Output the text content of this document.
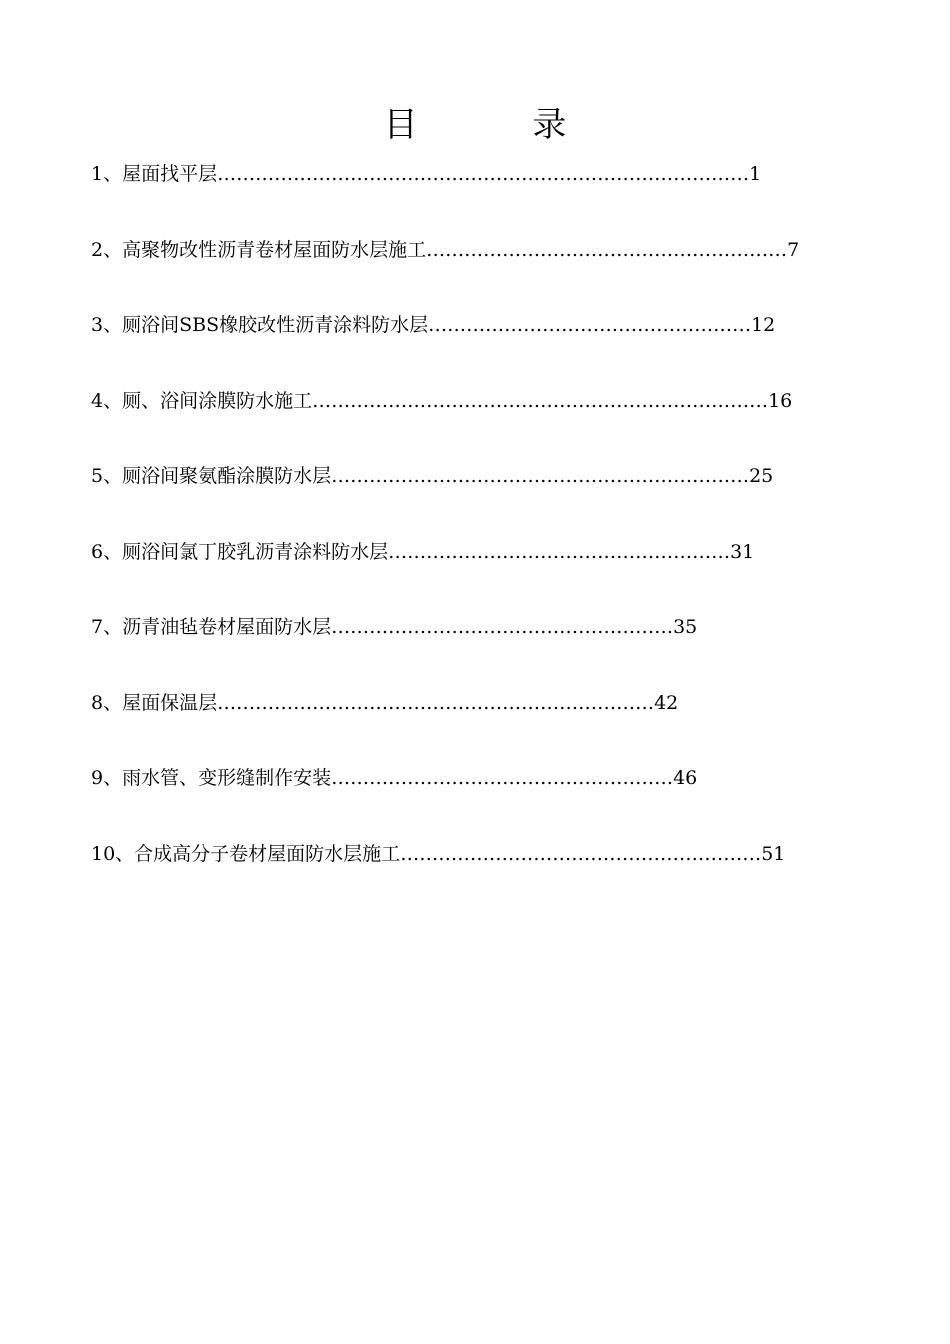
目 录
1、屋面找平层…………………………………………………………………………1
2、高聚物改性沥青卷材屋面防水层施工…………………………………………………7
3、厕浴间SBS橡胶改性沥青涂料防水层……………………………………………12
4、厕、浴间涂膜防水施工………………………………………………………………16
5、厕浴间聚氨酯涂膜防水层…………………………………………………………25
6、厕浴间氯丁胶乳沥青涂料防水层………………………………………………31
7、沥青油毡卷材屋面防水层………………………………………………35
8、屋面保温层……………………………………………………………42
9、雨水管、变形缝制作安装………………………………………………46
10、合成高分子卷材屋面防水层施工…………………………………………………51
